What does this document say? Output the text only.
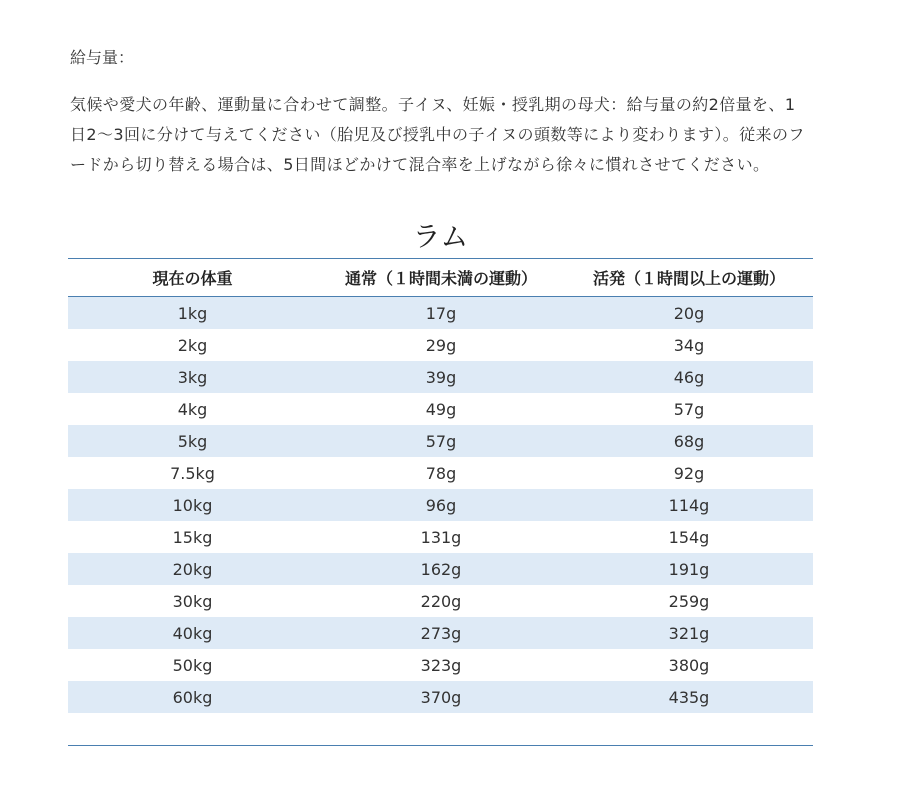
給与量：

気候や愛犬の年齢、運動量に合わせて調整。子イヌ、妊娠・授乳期の母犬：給与量の約2倍量を、1日2〜3回に分けて与えてください（胎児及び授乳中の子イヌの頭数等により変わります）。従来のフードから切り替える場合は、5日間ほどかけて混合率を上げながら徐々に慣れさせてください。

ラム
現在の体重	通常（１時間未満の運動）	活発（１時間以上の運動）
1kg	17g	20g
2kg	29g	34g
3kg	39g	46g
4kg	49g	57g
5kg	57g	68g
7.5kg	78g	92g
10kg	96g	114g
15kg	131g	154g
20kg	162g	191g
30kg	220g	259g
40kg	273g	321g
50kg	323g	380g
60kg	370g	435g
